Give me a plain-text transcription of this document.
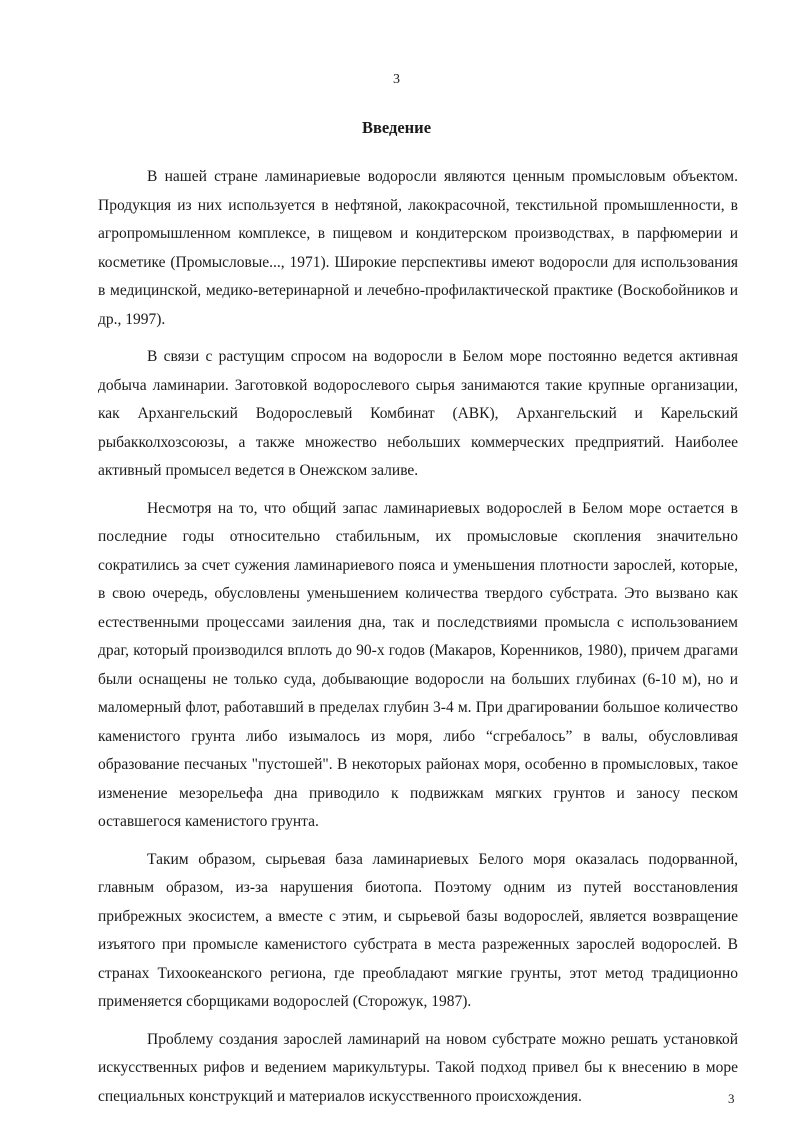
3
Введение

В нашей стране ламинариевые водоросли являются ценным промысловым объектом. Продукция из них используется в нефтяной, лакокрасочной, текстильной промышленности, в агропромышленном комплексе, в пищевом и кондитерском производствах, в парфюмерии и косметике (Промысловые..., 1971). Широкие перспективы имеют водоросли для использования в медицинской, медико-ветеринарной и лечебно-профилактической практике (Воскобойников и др., 1997).

В связи с растущим спросом на водоросли в Белом море постоянно ведется активная добыча ламинарии. Заготовкой водорослевого сырья занимаются такие крупные организации, как Архангельский Водорослевый Комбинат (АВК), Архангельский и Карельский рыбакколхозсоюзы, а также множество небольших коммерческих предприятий. Наиболее активный промысел ведется в Онежском заливе.

Несмотря на то, что общий запас ламинариевых водорослей в Белом море остается в последние годы относительно стабильным, их промысловые скопления значительно сократились за счет сужения ламинариевого пояса и уменьшения плотности зарослей, которые, в свою очередь, обусловлены уменьшением количества твердого субстрата. Это вызвано как естественными процессами заиления дна, так и последствиями промысла с использованием драг, который производился вплоть до 90-х годов (Макаров, Коренников, 1980), причем драгами были оснащены не только суда, добывающие водоросли на больших глубинах (6-10 м), но и маломерный флот, работавший в пределах глубин 3-4 м. При драгировании большое количество каменистого грунта либо изымалось из моря, либо “сгребалось” в валы, обусловливая образование песчаных "пустошей". В некоторых районах моря, особенно в промысловых, такое изменение мезорельефа дна приводило к подвижкам мягких грунтов и заносу песком оставшегося каменистого грунта.

Таким образом, сырьевая база ламинариевых Белого моря оказалась подорванной, главным образом, из-за нарушения биотопа. Поэтому одним из путей восстановления прибрежных экосистем, а вместе с этим, и сырьевой базы водорослей, является возвращение изъятого при промысле каменистого субстрата в места разреженных зарослей водорослей. В странах Тихоокеанского региона, где преобладают мягкие грунты, этот метод традиционно применяется сборщиками водорослей (Сторожук, 1987).

Проблему создания зарослей ламинарий на новом субстрате можно решать установкой искусственных рифов и ведением марикультуры. Такой подход привел бы к внесению в море специальных конструкций и материалов искусственного происхождения.	3
